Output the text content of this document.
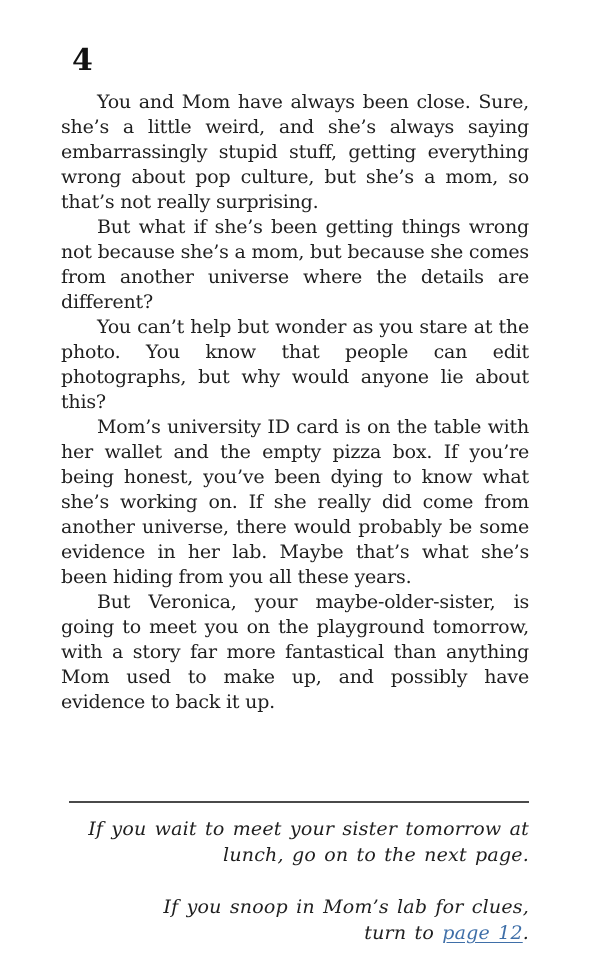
4

You and Mom have always been close. Sure, she’s a little weird, and she’s always saying embarrassingly stupid stuff, getting everything wrong about pop culture, but she’s a mom, so that’s not really surprising.

But what if she’s been getting things wrong not because she’s a mom, but because she comes from another universe where the details are different?

You can’t help but wonder as you stare at the photo. You know that people can edit photographs, but why would anyone lie about this?

Mom’s university ID card is on the table with her wallet and the empty pizza box. If you’re being honest, you’ve been dying to know what she’s working on. If she really did come from another universe, there would probably be some evidence in her lab. Maybe that’s what she’s been hiding from you all these years.

But Veronica, your maybe-older-sister, is going to meet you on the playground tomorrow, with a story far more fantastical than anything Mom used to make up, and possibly have evidence to back it up.

If you wait to meet your sister tomorrow at
lunch, go on to the next page.
If you snoop in Mom’s lab for clues,
turn to page 12.
